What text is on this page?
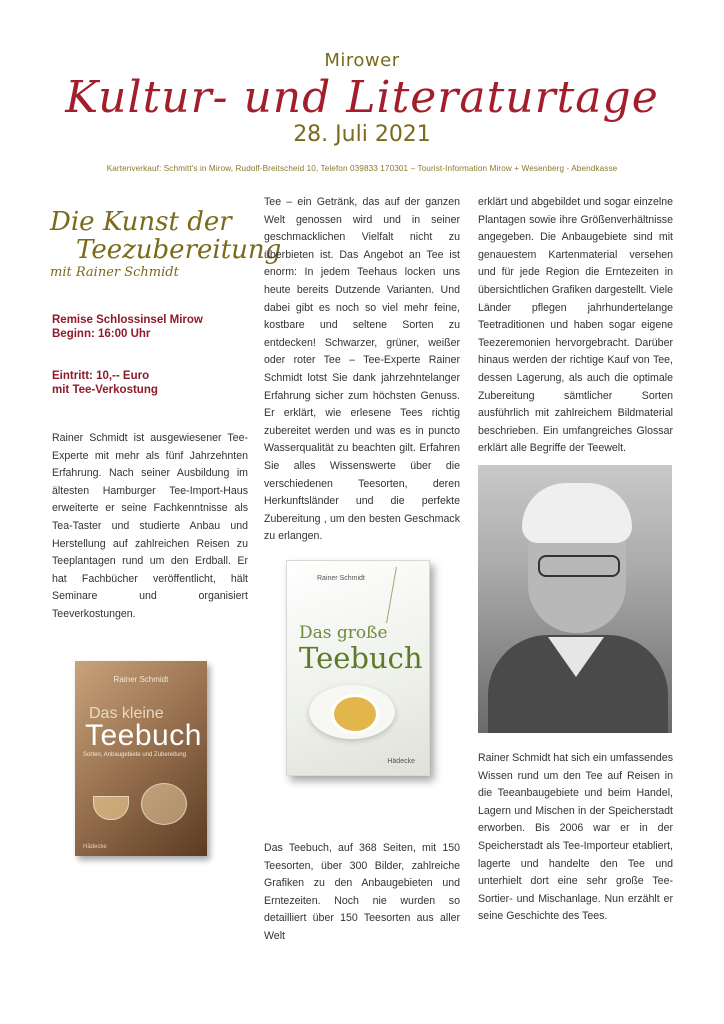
Mirower
Kultur- und Literaturtage
28. Juli 2021
Kartenverkauf: Schmitt's in Mirow, Rudolf-Breitscheid 10, Telefon 039833 170301 – Tourist-Information Mirow + Wesenberg - Abendkasse
Die Kunst der
Teezubereitung
mit Rainer Schmidt
Remise Schlossinsel Mirow
Beginn: 16:00 Uhr
Eintritt: 10,-- Euro
mit Tee-Verkostung
Rainer Schmidt ist ausgewiesener Tee-Experte mit mehr als fünf Jahrzehnten Erfahrung. Nach seiner Ausbildung im ältesten Hamburger Tee-Import-Haus erweiterte er seine Fachkenntnisse als Tea-Taster und studierte Anbau und Herstellung auf zahlreichen Reisen zu Teeplantagen rund um den Erdball. Er hat Fachbücher veröffentlicht, hält Seminare und organisiert Teeverkostungen.
Tee – ein Getränk, das auf der ganzen Welt genossen wird und in seiner geschmacklichen Vielfalt nicht zu überbieten ist. Das Angebot an Tee ist enorm: In jedem Teehaus locken uns heute bereits Dutzende Varianten. Und dabei gibt es noch so viel mehr feine, kostbare und seltene Sorten zu entdecken! Schwarzer, grüner, weißer oder roter Tee – Tee-Experte Rainer Schmidt lotst Sie dank jahrzehntelanger Erfahrung sicher zum höchsten Genuss. Er erklärt, wie erlesene Tees richtig zubereitet werden und was es in puncto Wasserqualität zu beachten gilt. Erfahren Sie alles Wissenswerte über die verschiedenen Teesorten, deren Herkunftsländer und die perfekte Zubereitung , um den besten Geschmack zu erlangen.
Das Teebuch, auf 368 Seiten, mit 150 Teesorten, über 300 Bilder, zahlreiche Grafiken zu den Anbaugebieten und Erntezeiten. Noch nie wurden so detailliert über 150 Teesorten aus aller Welt
erklärt und abgebildet und sogar einzelne Plantagen sowie ihre Größenverhältnisse angegeben. Die Anbaugebiete sind mit genauestem Kartenmaterial versehen und für jede Region die Erntezeiten in übersichtlichen Grafiken dargestellt. Viele Länder pflegen jahrhundertelange Teetraditionen und haben sogar eigene Teezeremonien hervorgebracht. Darüber hinaus werden der richtige Kauf von Tee, dessen Lagerung, als auch die optimale Zubereitung sämtlicher Sorten ausführlich mit zahlreichem Bildmaterial beschrieben. Ein umfangreiches Glossar erklärt alle Begriffe der Teewelt.
Rainer Schmidt hat sich ein umfassendes Wissen rund um den Tee auf Reisen in die Teeanbaugebiete und beim Handel, Lagern und Mischen in der Speicherstadt erworben. Bis 2006 war er in der Speicherstadt als Tee-Importeur etabliert, lagerte und handelte den Tee und unterhielt dort eine sehr große Tee-Sortier- und Mischanlage. Nun erzählt er seine Geschichte des Tees.
Rainer Schmidt
Das kleine
Teebuch
Sorten, Anbaugebiete und Zubereitung
Hädecke
Rainer Schmidt
Das große
Teebuch
Hädecke
